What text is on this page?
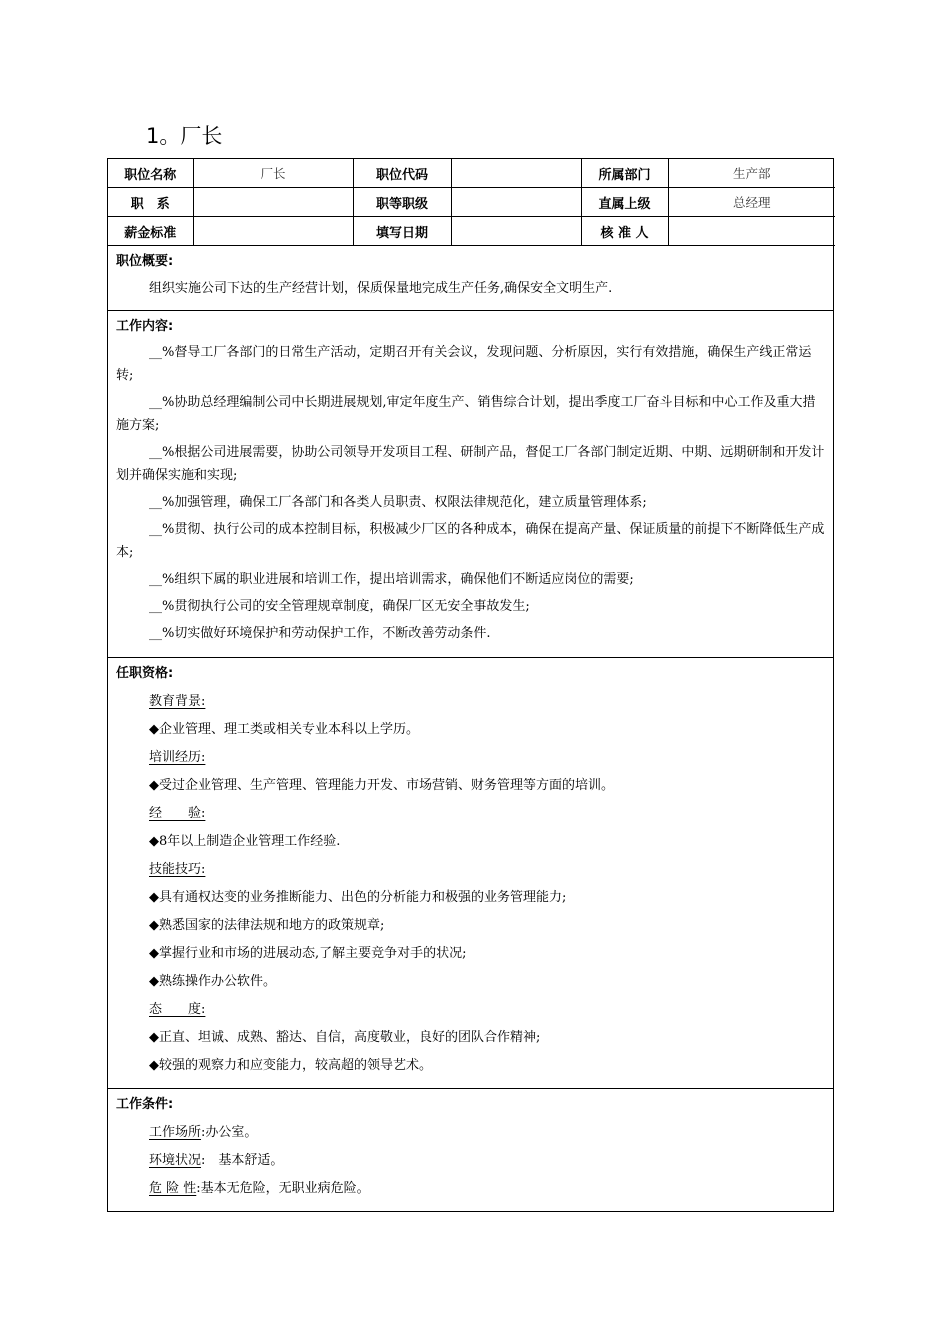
1。厂长
职位名称	厂长	职位代码		所属部门	生产部
职　系		职等职级		直属上级	总经理
薪金标准		填写日期		核 准 人	
职位概要:

组织实施公司下达的生产经营计划，保质保量地完成生产任务,确保安全文明生产.

工作内容:

__%督导工厂各部门的日常生产活动，定期召开有关会议，发现问题、分析原因，实行有效措施，确保生产线正常运转;

__%协助总经理编制公司中长期进展规划,审定年度生产、销售综合计划，提出季度工厂奋斗目标和中心工作及重大措施方案;

__%根据公司进展需要，协助公司领导开发项目工程、研制产品，督促工厂各部门制定近期、中期、远期研制和开发计划并确保实施和实现;

__%加强管理，确保工厂各部门和各类人员职责、权限法律规范化，建立质量管理体系;

__%贯彻、执行公司的成本控制目标，积极减少厂区的各种成本，确保在提高产量、保证质量的前提下不断降低生产成本;

__%组织下属的职业进展和培训工作，提出培训需求，确保他们不断适应岗位的需要;

__%贯彻执行公司的安全管理规章制度，确保厂区无安全事故发生;

__%切实做好环境保护和劳动保护工作，不断改善劳动条件.

任职资格:
教育背景:
◆企业管理、理工类或相关专业本科以上学历。
培训经历:
◆受过企业管理、生产管理、管理能力开发、市场营销、财务管理等方面的培训。
经　　验:
◆8年以上制造企业管理工作经验.
技能技巧:
◆具有通权达变的业务推断能力、出色的分析能力和极强的业务管理能力;
◆熟悉国家的法律法规和地方的政策规章;
◆掌握行业和市场的进展动态,了解主要竞争对手的状况;
◆熟练操作办公软件。
态　　度:
◆正直、坦诚、成熟、豁达、自信，高度敬业，良好的团队合作精神;
◆较强的观察力和应变能力，较高超的领导艺术。
工作条件:
工作场所:办公室。
环境状况:　基本舒适。
危 险 性:基本无危险，无职业病危险。
